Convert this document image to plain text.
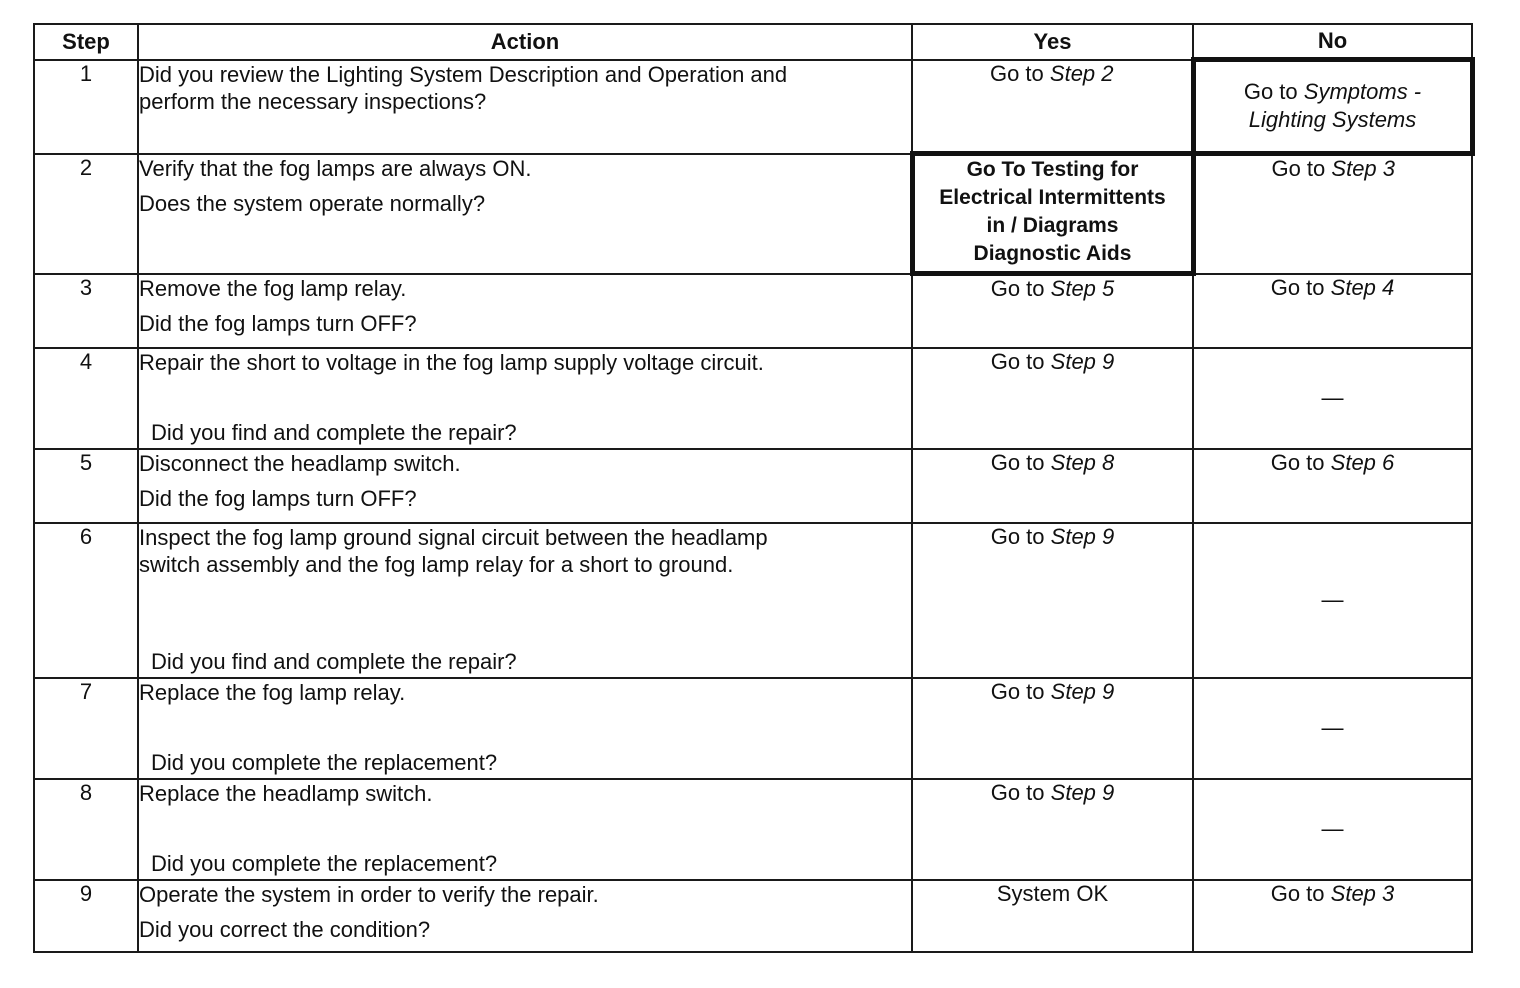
Step	Action	Yes	No
1	Did you review the Lighting System Description and Operation and
perform the necessary inspections?	Go to Step 2	Go to Symptoms -
Lighting Systems
2	Verify that the fog lamps are always ON.
Does the system operate normally?	Go To Testing for
Electrical Intermittents
in / Diagrams
Diagnostic Aids	Go to Step 3
3	Remove the fog lamp relay.
Did the fog lamps turn OFF?	Go to Step 5	Go to Step 4
4	Repair the short to voltage in the fog lamp supply voltage circuit.
Did you find and complete the repair?	Go to Step 9	—
5	Disconnect the headlamp switch.
Did the fog lamps turn OFF?	Go to Step 8	Go to Step 6
6	Inspect the fog lamp ground signal circuit between the headlamp
switch assembly and the fog lamp relay for a short to ground.
Did you find and complete the repair?	Go to Step 9	—
7	Replace the fog lamp relay.
Did you complete the replacement?	Go to Step 9	—
8	Replace the headlamp switch.
Did you complete the replacement?	Go to Step 9	—
9	Operate the system in order to verify the repair.
Did you correct the condition?	System OK	Go to Step 3
